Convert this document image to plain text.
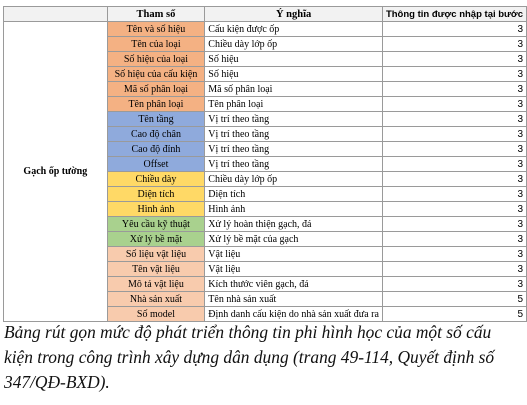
	Tham số	Ý nghĩa	Thông tin được nhập tại bước
Gạch ốp tường	Tên và số hiệu	Cấu kiện được ốp	3
	Tên của loại	Chiều dày lớp ốp	3
	Số hiệu của loại	Số hiệu	3
	Số hiệu của cấu kiện	Số hiệu	3
	Mã số phân loại	Mã số phân loại	3
	Tên phân loại	Tên phân loại	3
	Tên tầng	Vị trí theo tầng	3
	Cao độ chân	Vị trí theo tầng	3
	Cao độ đỉnh	Vị trí theo tầng	3
	Offset	Vị trí theo tầng	3
	Chiều dày	Chiều dày lớp ốp	3
	Diện tích	Diện tích	3
	Hình ảnh	Hình ảnh	3
	Yêu cầu kỹ thuật	Xử lý hoàn thiện gạch, đá	3
	Xử lý bề mặt	Xử lý bề mặt của gạch	3
	Số liệu vật liệu	Vật liệu	3
	Tên vật liệu	Vật liệu	3
	Mô tả vật liệu	Kích thước viên gạch, đá	3
	Nhà sản xuất	Tên nhà sản xuất	5
	Số model	Định danh cấu kiện do nhà sản xuất đưa ra	5

Bảng rút gọn mức độ phát triển thông tin phi hình học của một số cấu kiện trong công trình xây dựng dân dụng (trang 49-114, Quyết định số 347/QĐ-BXD).
